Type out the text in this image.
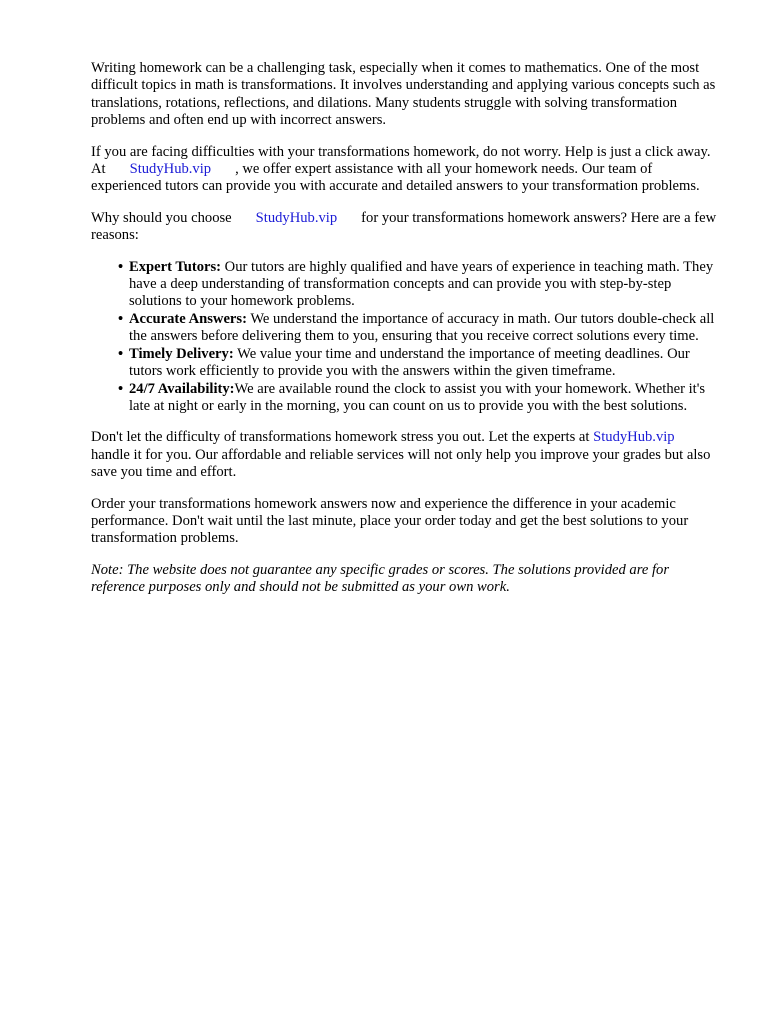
Writing homework can be a challenging task, especially when it comes to mathematics. One of the most difficult topics in math is transformations. It involves understanding and applying various concepts such as translations, rotations, reflections, and dilations. Many students struggle with solving transformation problems and often end up with incorrect answers.

If you are facing difficulties with your transformations homework, do not worry. Help is just a click away. At StudyHub.vip , we offer expert assistance with all your homework needs. Our team of experienced tutors can provide you with accurate and detailed answers to your transformation problems.

Why should you choose StudyHub.vip for your transformations homework answers? Here are a few reasons:

• Expert Tutors: Our tutors are highly qualified and have years of experience in teaching math. They have a deep understanding of transformation concepts and can provide you with step-by-step solutions to your homework problems.
• Accurate Answers: We understand the importance of accuracy in math. Our tutors double-check all the answers before delivering them to you, ensuring that you receive correct solutions every time.
• Timely Delivery: We value your time and understand the importance of meeting deadlines. Our tutors work efficiently to provide you with the answers within the given timeframe.
• 24/7 Availability:We are available round the clock to assist you with your homework. Whether it's late at night or early in the morning, you can count on us to provide you with the best solutions.

Don't let the difficulty of transformations homework stress you out. Let the experts at StudyHub.viphandle it for you. Our affordable and reliable services will not only help you improve your grades but also save you time and effort.

Order your transformations homework answers now and experience the difference in your academic performance. Don't wait until the last minute, place your order today and get the best solutions to your transformation problems.

Note: The website does not guarantee any specific grades or scores. The solutions provided are for reference purposes only and should not be submitted as your own work.
